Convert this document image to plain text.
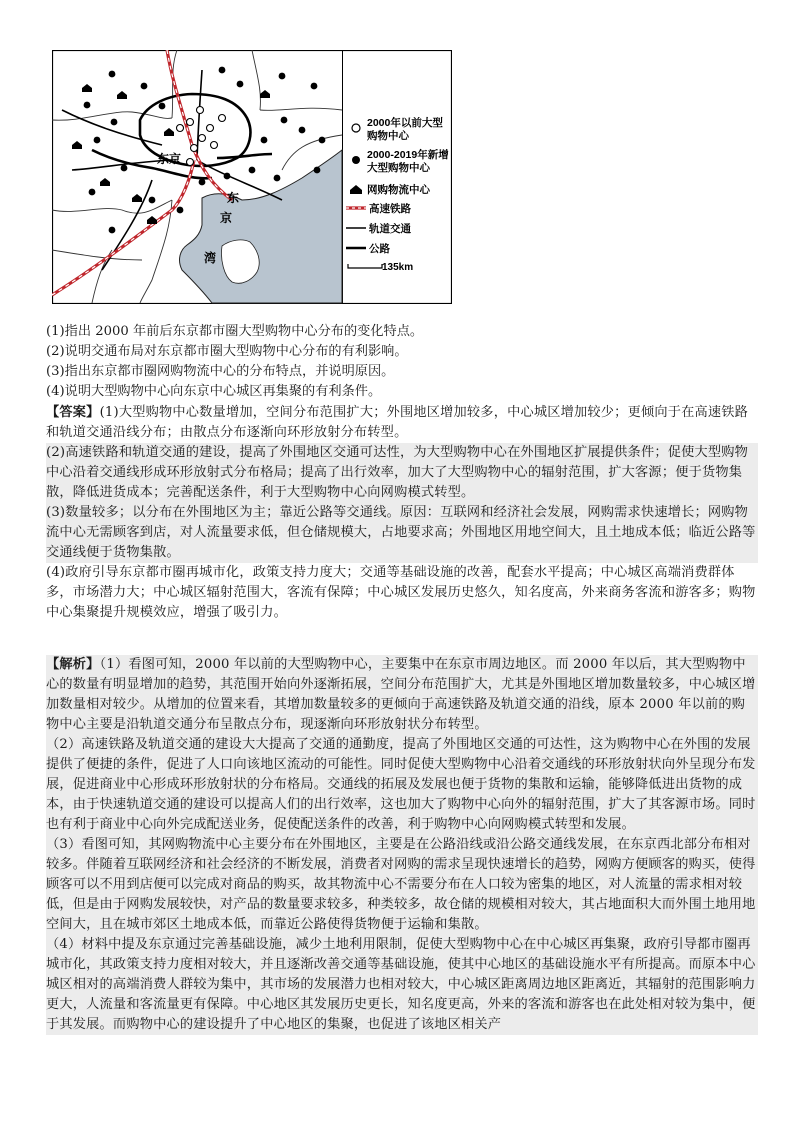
东京
东
京
湾
2000年以前大型
购物中心
2000-2019年新增
大型购物中心
网购物流中心
高速铁路
轨道交通
公路
135km
(1)指出 2000 年前后东京都市圈大型购物中心分布的变化特点。
(2)说明交通布局对东京都市圈大型购物中心分布的有利影响。
(3)指出东京都市圈网购物流中心的分布特点，并说明原因。
(4)说明大型购物中心向东京中心城区再集聚的有利条件。

【答案】(1)大型购物中心数量增加，空间分布范围扩大；外围地区增加较多，中心城区增加较少；更倾向于在高速铁路和轨道交通沿线分布；由散点分布逐渐向环形放射分布转型。

(2)高速铁路和轨道交通的建设，提高了外围地区交通可达性，为大型购物中心在外围地区扩展提供条件；促使大型购物中心沿着交通线形成环形放射式分布格局；提高了出行效率，加大了大型购物中心的辐射范围，扩大客源；便于货物集散，降低进货成本；完善配送条件，利于大型购物中心向网购模式转型。

(3)数量较多；以分布在外围地区为主；靠近公路等交通线。原因：互联网和经济社会发展，网购需求快速增长；网购物流中心无需顾客到店，对人流量要求低，但仓储规模大，占地要求高；外围地区用地空间大，且土地成本低；临近公路等交通线便于货物集散。

(4)政府引导东京都市圈再城市化，政策支持力度大；交通等基础设施的改善，配套水平提高；中心城区高端消费群体多，市场潜力大；中心城区辐射范围大，客流有保障；中心城区发展历史悠久，知名度高，外来商务客流和游客多；购物中心集聚提升规模效应，增强了吸引力。

【解析】（1）看图可知，2000 年以前的大型购物中心，主要集中在东京市周边地区。而 2000 年以后，其大型购物中心的数量有明显增加的趋势，其范围开始向外逐渐拓展，空间分布范围扩大，尤其是外围地区增加数量较多，中心城区增加数量相对较少。从增加的位置来看，其增加数量较多的更倾向于高速铁路及轨道交通的沿线，原本 2000 年以前的购物中心主要是沿轨道交通分布呈散点分布，现逐渐向环形放射状分布转型。

（2）高速铁路及轨道交通的建设大大提高了交通的通勤度，提高了外围地区交通的可达性，这为购物中心在外围的发展提供了便捷的条件，促进了人口向该地区流动的可能性。同时促使大型购物中心沿着交通线的环形放射状向外呈现分布发展，促进商业中心形成环形放射状的分布格局。交通线的拓展及发展也便于货物的集散和运输，能够降低进出货物的成本，由于快速轨道交通的建设可以提高人们的出行效率，这也加大了购物中心向外的辐射范围，扩大了其客源市场。同时也有利于商业中心向外完成配送业务，促使配送条件的改善，利于购物中心向网购模式转型和发展。

（3）看图可知，其网购物流中心主要分布在外围地区，主要是在公路沿线或沿公路交通线发展，在东京西北部分布相对较多。伴随着互联网经济和社会经济的不断发展，消费者对网购的需求呈现快速增长的趋势，网购方便顾客的购买，使得顾客可以不用到店便可以完成对商品的购买，故其物流中心不需要分布在人口较为密集的地区，对人流量的需求相对较低，但是由于网购发展较快，对产品的数量要求较多，种类较多，故仓储的规模相对较大，其占地面积大而外围土地用地空间大，且在城市郊区土地成本低，而靠近公路使得货物便于运输和集散。

（4）材料中提及东京通过完善基础设施，减少土地利用限制，促使大型购物中心在中心城区再集聚，政府引导都市圈再城市化，其政策支持力度相对较大，并且逐渐改善交通等基础设施，使其中心地区的基础设施水平有所提高。而原本中心城区相对的高端消费人群较为集中，其市场的发展潜力也相对较大，中心城区距离周边地区距离近，其辐射的范围影响力更大，人流量和客流量更有保障。中心地区其发展历史更长，知名度更高，外来的客流和游客也在此处相对较为集中，便于其发展。而购物中心的建设提升了中心地区的集聚，也促进了该地区相关产
